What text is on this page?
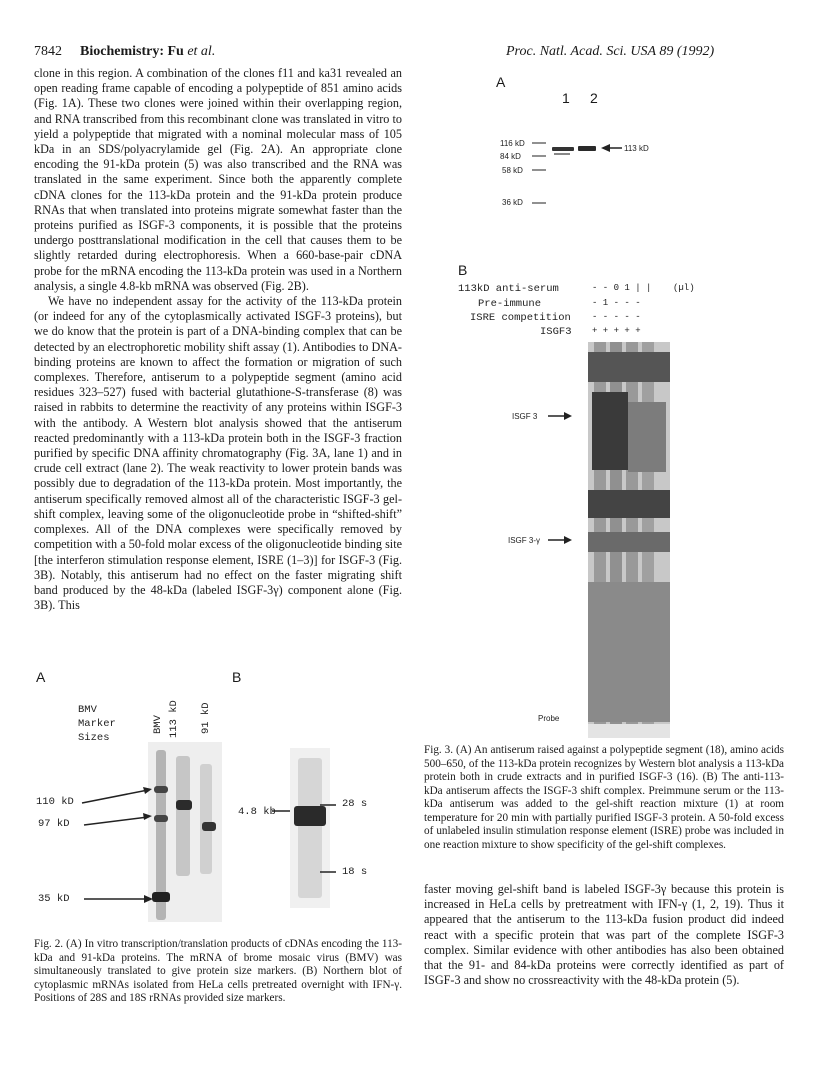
7842 Biochemistry: Fu et al.	Proc. Natl. Acad. Sci. USA 89 (1992)

clone in this region. A combination of the clones f11 and ka31 revealed an open reading frame capable of encoding a polypeptide of 851 amino acids (Fig. 1A). These two clones were joined within their overlapping region, and RNA transcribed from this recombinant clone was translated in vitro to yield a polypeptide that migrated with a nominal molecular mass of 105 kDa in an SDS/polyacrylamide gel (Fig. 2A). An appropriate clone encoding the 91-kDa protein (5) was also transcribed and the RNA was translated in the same experiment. Since both the apparently complete cDNA clones for the 113-kDa protein and the 91-kDa protein produce RNAs that when translated into proteins migrate somewhat faster than the proteins purified as ISGF-3 components, it is possible that the proteins undergo posttranslational modification in the cell that causes them to be slightly retarded during electrophoresis. When a 660-base-pair cDNA probe for the mRNA encoding the 113-kDa protein was used in a Northern analysis, a single 4.8-kb mRNA was observed (Fig. 2B).

We have no independent assay for the activity of the 113-kDa protein (or indeed for any of the cytoplasmically activated ISGF-3 proteins), but we do know that the protein is part of a DNA-binding complex that can be detected by an electrophoretic mobility shift assay (1). Antibodies to DNA-binding proteins are known to affect the formation or migration of such complexes. Therefore, antiserum to a polypeptide segment (amino acid residues 323–527) fused with bacterial glutathione-S-transferase (8) was raised in rabbits to determine the reactivity of any proteins within ISGF-3 with the antibody. A Western blot analysis showed that the antiserum reacted predominantly with a 113-kDa protein both in the ISGF-3 fraction purified by specific DNA affinity chromatography (Fig. 3A, lane 1) and in crude cell extract (lane 2). The weak reactivity to lower protein bands was possibly due to degradation of the 113-kDa protein. Most importantly, the antiserum specifically removed almost all of the characteristic ISGF-3 gel-shift complex, leaving some of the oligonucleotide probe in “shifted-shift” complexes. All of the DNA complexes were specifically removed by competition with a 50-fold molar excess of the oligonucleotide binding site [the interferon stimulation response element, ISRE (1–3)] for ISGF-3 (Fig. 3B). Notably, this antiserum had no effect on the faster migrating shift band produced by the 48-kDa (labeled ISGF-3γ) component alone (Fig. 3B). This

A	B
BMV
Marker
Sizes
BMV 113 kD 91 kD
110 kD
97 kD
35 kD
4.8 kb
28 s
18 s
Fig. 2. (A) In vitro transcription/translation products of cDNAs encoding the 113-kDa and 91-kDa proteins. The mRNA of brome mosaic virus (BMV) was simultaneously translated to give protein size markers. (B) Northern blot of cytoplasmic mRNAs isolated from HeLa cells pretreated overnight with IFN-γ. Positions of 28S and 18S rRNAs provided size markers.
A
1 2
116 kD
84 kD
58 kD
36 kD
113 kD
B
113kD anti-serum
Pre-immune
ISRE competition
ISGF3
- - 0 1 | | (µl)
- 1 - - -
- - - - -
+ + + + +
ISGF 3
ISGF 3-γ
Probe
Fig. 3. (A) An antiserum raised against a polypeptide segment (18), amino acids 500–650, of the 113-kDa protein recognizes by Western blot analysis a 113-kDa protein both in crude extracts and in purified ISGF-3 (16). (B) The anti-113-kDa antiserum affects the ISGF-3 shift complex. Preimmune serum or the 113-kDa antiserum was added to the gel-shift reaction mixture (1) at room temperature for 20 min with partially purified ISGF-3 protein. A 50-fold excess of unlabeled insulin stimulation response element (ISRE) probe was included in one reaction mixture to show specificity of the gel-shift complexes.

faster moving gel-shift band is labeled ISGF-3γ because this protein is increased in HeLa cells by pretreatment with IFN-γ (1, 2, 19). Thus it appeared that the antiserum to the 113-kDa fusion product did indeed react with a specific protein that was part of the complete ISGF-3 complex. Similar evidence with other antibodies has also been obtained that the 91- and 84-kDa proteins were correctly identified as part of ISGF-3 and show no crossreactivity with the 48-kDa protein (5).
